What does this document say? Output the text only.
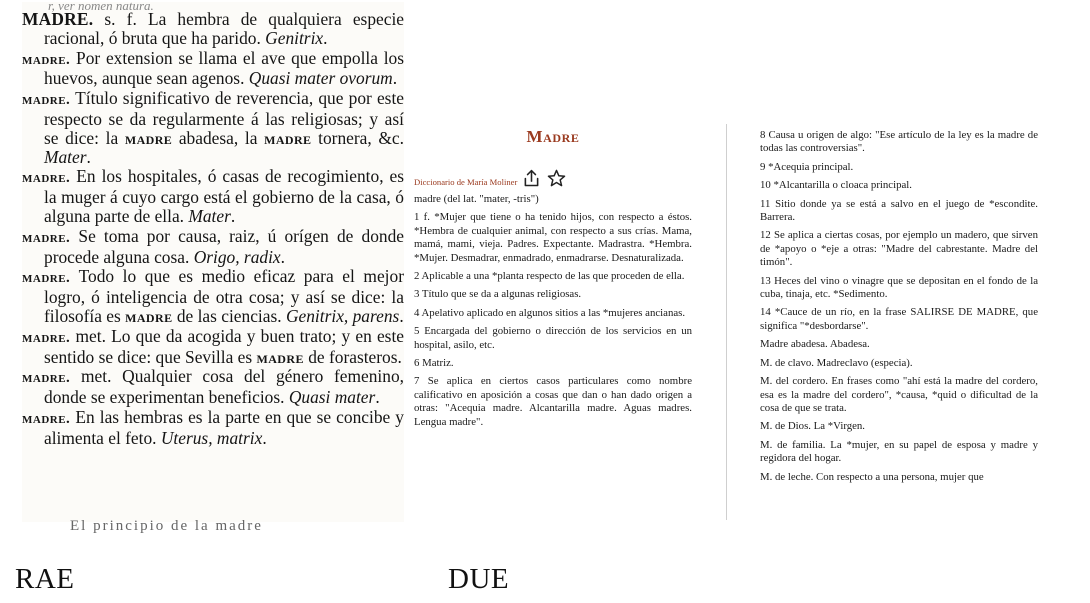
r, ver nomen natura.
MADRE. s. f. La hembra de qualquiera especie racional, ó bruta que ha parido. Genitrix.
madre. Por extension se llama el ave que empolla los huevos, aunque sean agenos. Quasi mater ovorum.
madre. Título significativo de reverencia, que por este respecto se da regularmente á las religiosas; y así se dice: la madre abadesa, la madre tornera, &c. Mater.
madre. En los hospitales, ó casas de recogimiento, es la muger á cuyo cargo está el gobierno de la casa, ó alguna parte de ella. Mater.
madre. Se toma por causa, raiz, ú orígen de donde procede alguna cosa. Origo, radix.
madre. Todo lo que es medio eficaz para el mejor logro, ó inteligencia de otra cosa; y así se dice: la filosofía es madre de las ciencias. Genitrix, parens.
madre. met. Lo que da acogida y buen trato; y en este sentido se dice: que Sevilla es madre de forasteros.
madre. met. Qualquier cosa del género femenino, donde se experimentan beneficios. Quasi mater.
madre. En las hembras es la parte en que se concibe y alimenta el feto. Uterus, matrix.
El principio de la madre
Madre
Diccionario de María Moliner
madre (del lat. "mater, -tris")
1 f. *Mujer que tiene o ha tenido hijos, con respecto a éstos. *Hembra de cualquier animal, con respecto a sus crías. Mama, mamá, mami, vieja. Padres. Expectante. Madrastra. *Hembra. *Mujer. Desmadrar, enmadrado, enmadrarse. Desnaturalizada.
2 Aplicable a una *planta respecto de las que proceden de ella.
3 Título que se da a algunas religiosas.
4 Apelativo aplicado en algunos sitios a las *mujeres ancianas.
5 Encargada del gobierno o dirección de los servicios en un hospital, asilo, etc.
6 Matriz.
7 Se aplica en ciertos casos particulares como nombre calificativo en aposición a cosas que dan o han dado origen a otras: "Acequia madre. Alcantarilla madre. Aguas madres. Lengua madre".
8 Causa u origen de algo: "Ese artículo de la ley es la madre de todas las controversias".
9 *Acequia principal.
10 *Alcantarilla o cloaca principal.
11 Sitio donde ya se está a salvo en el juego de *escondite. Barrera.
12 Se aplica a ciertas cosas, por ejemplo un madero, que sirven de *apoyo o *eje a otras: "Madre del cabrestante. Madre del timón".
13 Heces del vino o vinagre que se depositan en el fondo de la cuba, tinaja, etc. *Sedimento.
14 *Cauce de un río, en la frase SALIRSE DE MADRE, que significa "*desbordarse".
Madre abadesa. Abadesa.
M. de clavo. Madreclavo (especia).
M. del cordero. En frases como "ahí está la madre del cordero, esa es la madre del cordero", *causa, *quid o dificultad de la cosa de que se trata.
M. de Dios. La *Virgen.
M. de familia. La *mujer, en su papel de esposa y madre y regidora del hogar.
M. de leche. Con respecto a una persona, mujer que
RAE	DUE
